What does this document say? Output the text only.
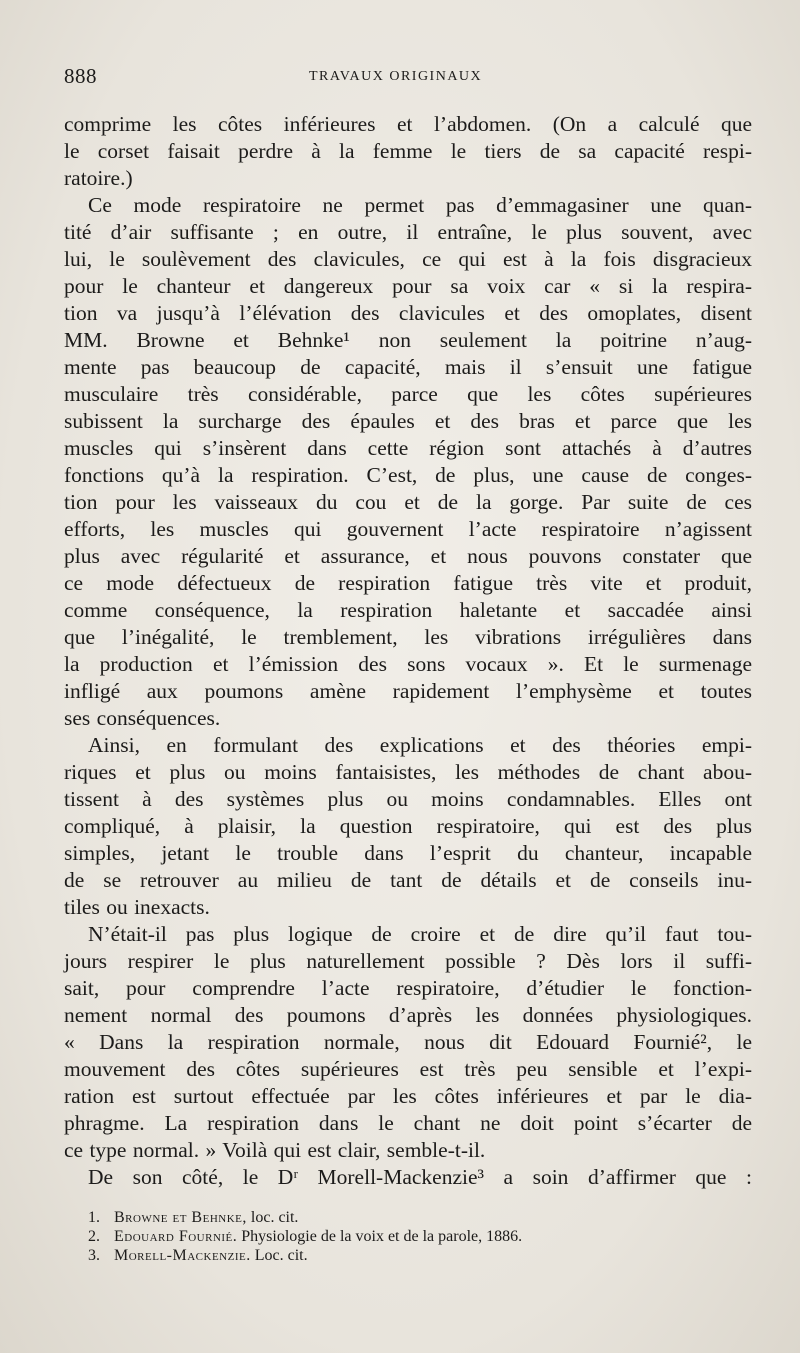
888	TRAVAUX ORIGINAUX
comprime les côtes inférieures et l’abdomen. (On a calculé que
le corset faisait perdre à la femme le tiers de sa capacité respi-
ratoire.)
Ce mode respiratoire ne permet pas d’emmagasiner une quan-
tité d’air suffisante ; en outre, il entraîne, le plus souvent, avec
lui, le soulèvement des clavicules, ce qui est à la fois disgracieux
pour le chanteur et dangereux pour sa voix car « si la respira-
tion va jusqu’à l’élévation des clavicules et des omoplates, disent
MM. Browne et Behnke¹ non seulement la poitrine n’aug-
mente pas beaucoup de capacité, mais il s’ensuit une fatigue
musculaire très considérable, parce que les côtes supérieures
subissent la surcharge des épaules et des bras et parce que les
muscles qui s’insèrent dans cette région sont attachés à d’autres
fonctions qu’à la respiration. C’est, de plus, une cause de conges-
tion pour les vaisseaux du cou et de la gorge. Par suite de ces
efforts, les muscles qui gouvernent l’acte respiratoire n’agissent
plus avec régularité et assurance, et nous pouvons constater que
ce mode défectueux de respiration fatigue très vite et produit,
comme conséquence, la respiration haletante et saccadée ainsi
que l’inégalité, le tremblement, les vibrations irrégulières dans
la production et l’émission des sons vocaux ». Et le surmenage
infligé aux poumons amène rapidement l’emphysème et toutes
ses conséquences.
Ainsi, en formulant des explications et des théories empi-
riques et plus ou moins fantaisistes, les méthodes de chant abou-
tissent à des systèmes plus ou moins condamnables. Elles ont
compliqué, à plaisir, la question respiratoire, qui est des plus
simples, jetant le trouble dans l’esprit du chanteur, incapable
de se retrouver au milieu de tant de détails et de conseils inu-
tiles ou inexacts.
N’était-il pas plus logique de croire et de dire qu’il faut tou-
jours respirer le plus naturellement possible ? Dès lors il suffi-
sait, pour comprendre l’acte respiratoire, d’étudier le fonction-
nement normal des poumons d’après les données physiologiques.
« Dans la respiration normale, nous dit Edouard Fournié², le
mouvement des côtes supérieures est très peu sensible et l’expi-
ration est surtout effectuée par les côtes inférieures et par le dia-
phragme. La respiration dans le chant ne doit point s’écarter de
ce type normal. » Voilà qui est clair, semble-t-il.
De son côté, le Dʳ Morell-Mackenzie³ a soin d’affirmer que :
1. Browne et Behnke, loc. cit.
2. Edouard Fournié. Physiologie de la voix et de la parole, 1886.
3. Morell-Mackenzie. Loc. cit.
